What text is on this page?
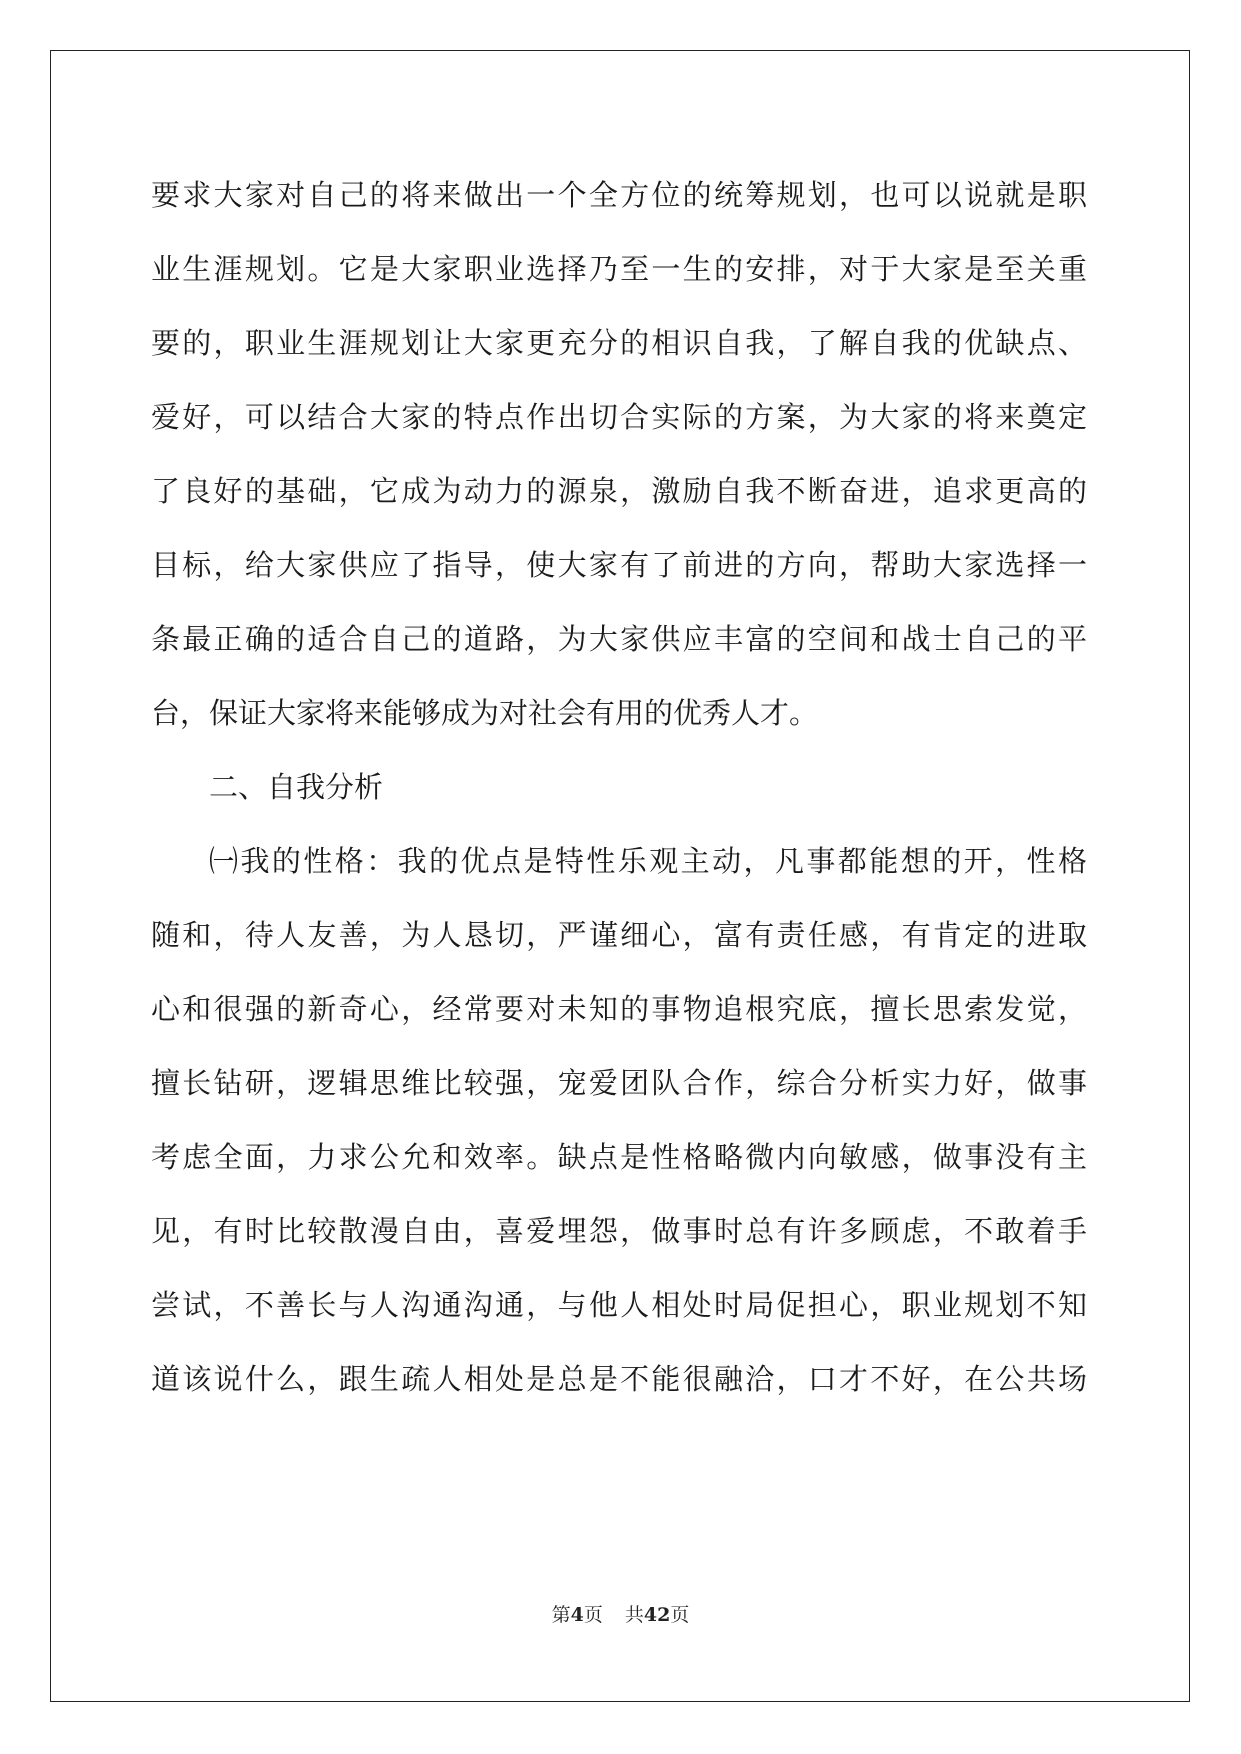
要求大家对自己的将来做出一个全方位的统筹规划，也可以说就是职
业生涯规划。它是大家职业选择乃至一生的安排，对于大家是至关重
要的，职业生涯规划让大家更充分的相识自我，了解自我的优缺点、
爱好，可以结合大家的特点作出切合实际的方案，为大家的将来奠定
了良好的基础，它成为动力的源泉，激励自我不断奋进，追求更高的
目标，给大家供应了指导，使大家有了前进的方向，帮助大家选择一
条最正确的适合自己的道路，为大家供应丰富的空间和战士自己的平
台，保证大家将来能够成为对社会有用的优秀人才。
二、自我分析
㈠我的性格：我的优点是特性乐观主动，凡事都能想的开，性格
随和，待人友善，为人恳切，严谨细心，富有责任感，有肯定的进取
心和很强的新奇心，经常要对未知的事物追根究底，擅长思索发觉，
擅长钻研，逻辑思维比较强，宠爱团队合作，综合分析实力好，做事
考虑全面，力求公允和效率。缺点是性格略微内向敏感，做事没有主
见，有时比较散漫自由，喜爱埋怨，做事时总有许多顾虑，不敢着手
尝试，不善长与人沟通沟通，与他人相处时局促担心，职业规划不知
道该说什么，跟生疏人相处是总是不能很融洽，口才不好，在公共场
第4页 共42页
